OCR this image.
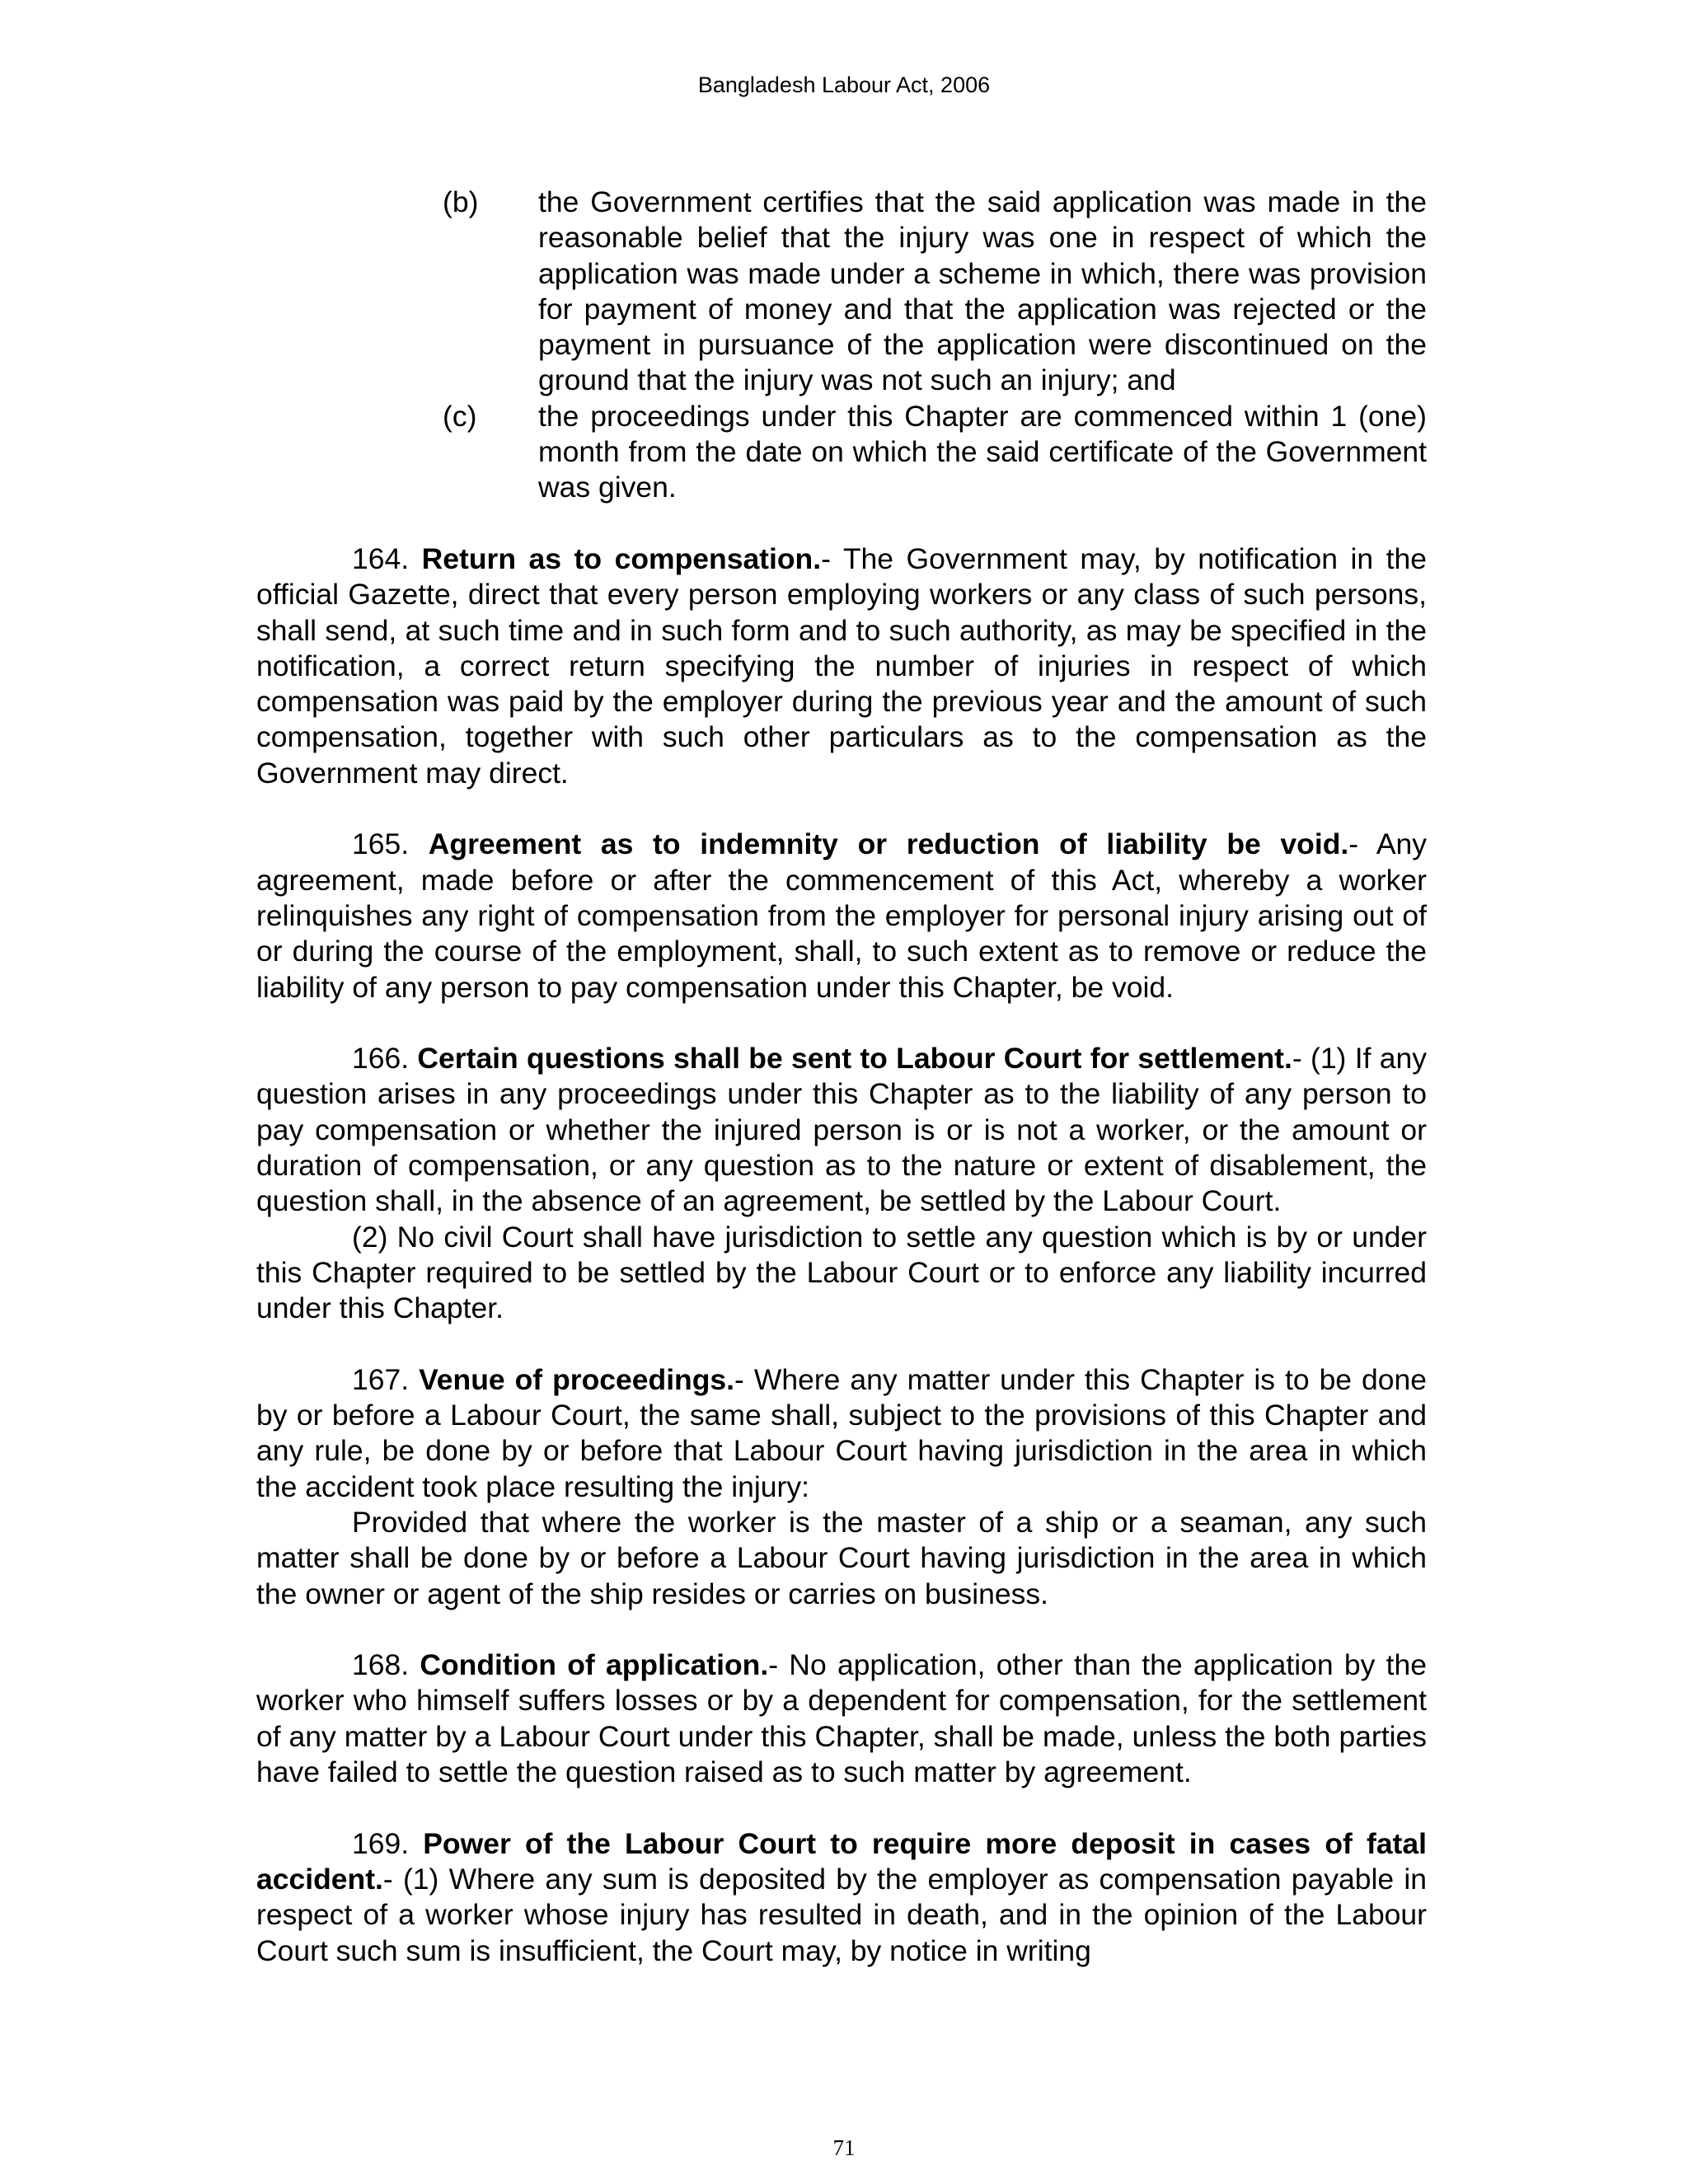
Bangladesh Labour Act, 2006
(b) the Government certifies that the said application was made in the reasonable belief that the injury was one in respect of which the application was made under a scheme in which, there was provision for payment of money and that the application was rejected or the payment in pursuance of the application were discontinued on the ground that the injury was not such an injury; and
(c) the proceedings under this Chapter are commenced within 1 (one) month from the date on which the said certificate of the Government was given.
164. Return as to compensation.- The Government may, by notification in the official Gazette, direct that every person employing workers or any class of such persons, shall send, at such time and in such form and to such authority, as may be specified in the notification, a correct return specifying the number of injuries in respect of which compensation was paid by the employer during the previous year and the amount of such compensation, together with such other particulars as to the compensation as the Government may direct.
165. Agreement as to indemnity or reduction of liability be void.- Any agreement, made before or after the commencement of this Act, whereby a worker relinquishes any right of compensation from the employer for personal injury arising out of or during the course of the employment, shall, to such extent as to remove or reduce the liability of any person to pay compensation under this Chapter, be void.
166. Certain questions shall be sent to Labour Court for settlement.- (1) If any question arises in any proceedings under this Chapter as to the liability of any person to pay compensation or whether the injured person is or is not a worker, or the amount or duration of compensation, or any question as to the nature or extent of disablement, the question shall, in the absence of an agreement, be settled by the Labour Court.
(2) No civil Court shall have jurisdiction to settle any question which is by or under this Chapter required to be settled by the Labour Court or to enforce any liability incurred under this Chapter.
167. Venue of proceedings.- Where any matter under this Chapter is to be done by or before a Labour Court, the same shall, subject to the provisions of this Chapter and any rule, be done by or before that Labour Court having jurisdiction in the area in which the accident took place resulting the injury:
Provided that where the worker is the master of a ship or a seaman, any such matter shall be done by or before a Labour Court having jurisdiction in the area in which the owner or agent of the ship resides or carries on business.
168. Condition of application.- No application, other than the application by the worker who himself suffers losses or by a dependent for compensation, for the settlement of any matter by a Labour Court under this Chapter, shall be made, unless the both parties have failed to settle the question raised as to such matter by agreement.
169. Power of the Labour Court to require more deposit in cases of fatal accident.- (1) Where any sum is deposited by the employer as compensation payable in respect of a worker whose injury has resulted in death, and in the opinion of the Labour Court such sum is insufficient, the Court may, by notice in writing
71
